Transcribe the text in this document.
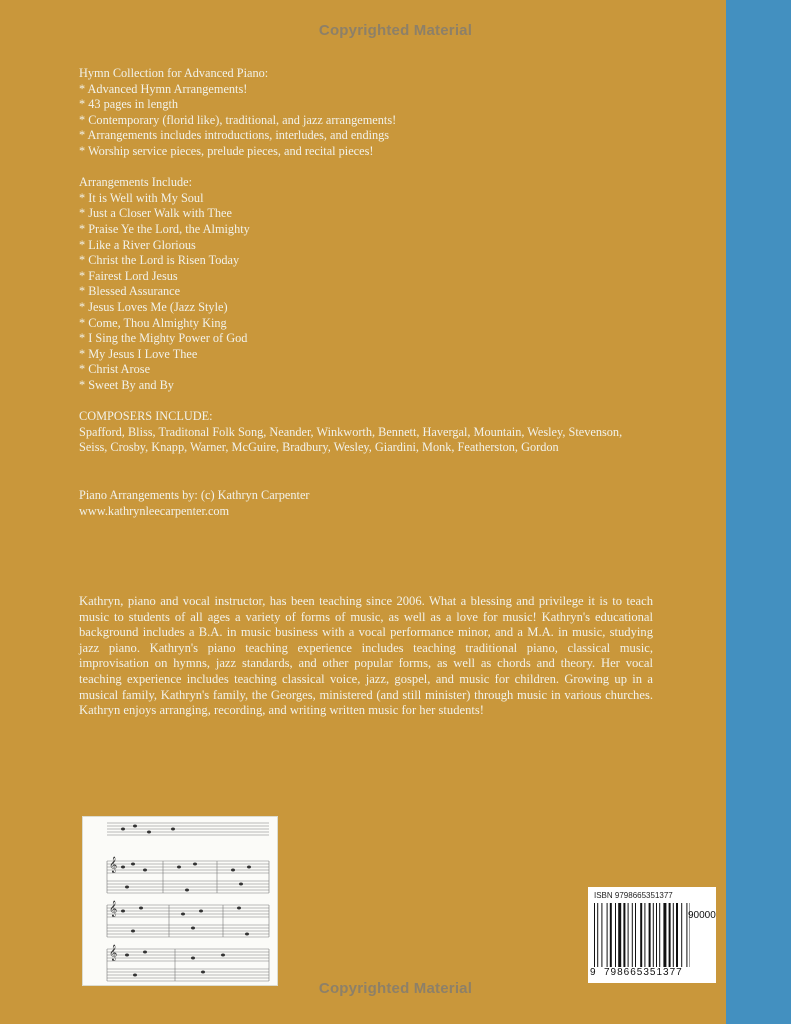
Copyrighted Material
Hymn Collection for Advanced Piano:
* Advanced Hymn Arrangements!
* 43 pages in length
* Contemporary (florid like), traditional, and jazz arrangements!
* Arrangements includes introductions, interludes, and endings
* Worship service pieces, prelude pieces, and recital pieces!
Arrangements Include:
* It is Well with My Soul
* Just a Closer Walk with Thee
* Praise Ye the Lord, the Almighty
* Like a River Glorious
* Christ the Lord is Risen Today
* Fairest Lord Jesus
* Blessed Assurance
* Jesus Loves Me (Jazz Style)
* Come, Thou Almighty King
* I Sing the Mighty Power of God
* My Jesus I Love Thee
* Christ Arose
* Sweet By and By
COMPOSERS INCLUDE:
Spafford, Bliss, Traditonal Folk Song, Neander, Winkworth, Bennett, Havergal, Mountain, Wesley, Stevenson, Seiss, Crosby, Knapp, Warner, McGuire, Bradbury, Wesley, Giardini, Monk, Featherston, Gordon
Piano Arrangements by: (c) Kathryn Carpenter
www.kathrynleecarpenter.com
Kathryn, piano and vocal instructor, has been teaching since 2006. What a blessing and privilege it is to teach music to students of all ages a variety of forms of music, as well as a love for music! Kathryn's educational background includes a B.A. in music business with a vocal performance minor, and a M.A. in music, studying jazz piano. Kathryn's piano teaching experience includes teaching traditional piano, classical music, improvisation on hymns, jazz standards, and other popular forms, as well as chords and theory. Her vocal teaching experience includes teaching classical voice, jazz, gospel, and music for children. Growing up in a musical family, Kathryn's family, the Georges, ministered (and still minister) through music in various churches. Kathryn enjoys arranging, recording, and writing written music for her students!
𝄞
𝄞
𝄞
ISBN 9798665351377
9 798665351377
90000
Copyrighted Material
